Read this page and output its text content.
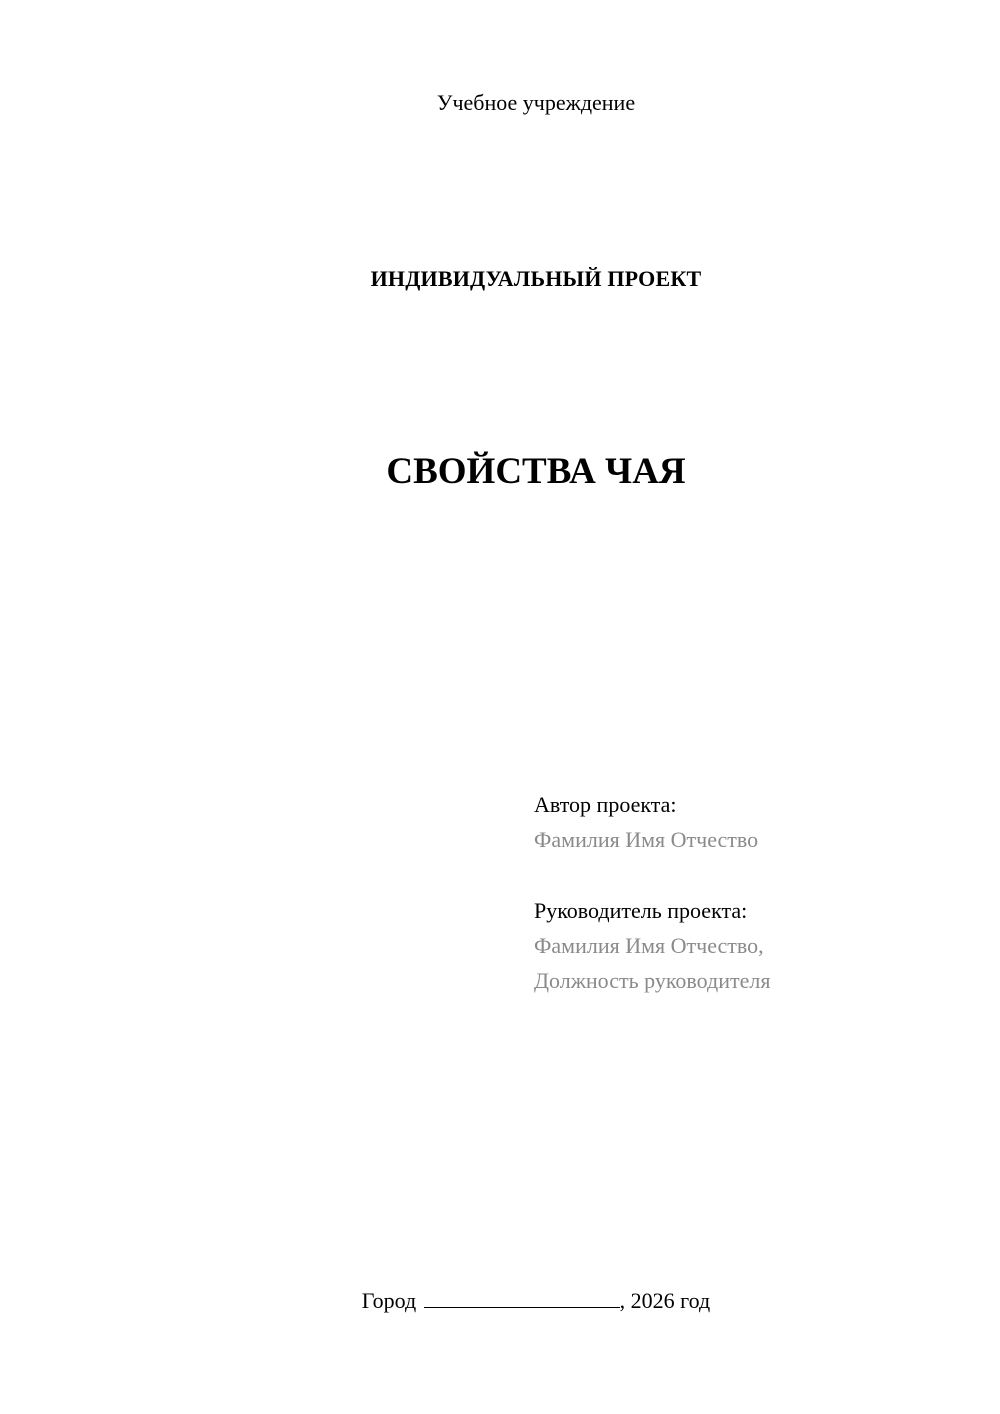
Учебное учреждение
ИНДИВИДУАЛЬНЫЙ ПРОЕКТ
СВОЙСТВА ЧАЯ
Автор проекта:
Фамилия Имя Отчество
Руководитель проекта:
Фамилия Имя Отчество,
Должность руководителя
Город	, 2026 год
